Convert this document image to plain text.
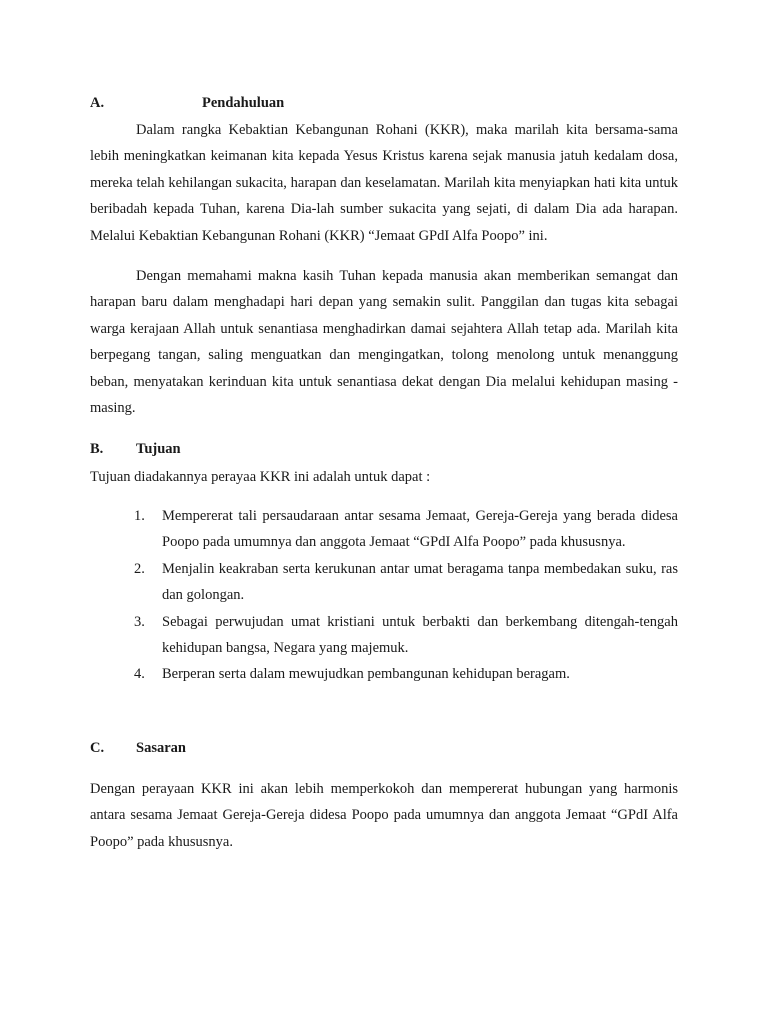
A.	Pendahuluan

Dalam rangka Kebaktian Kebangunan Rohani (KKR), maka marilah kita bersama-sama lebih meningkatkan keimanan kita kepada Yesus Kristus karena sejak manusia jatuh kedalam dosa, mereka telah kehilangan sukacita, harapan dan keselamatan. Marilah kita menyiapkan hati kita untuk beribadah kepada Tuhan, karena Dia-lah sumber sukacita yang sejati, di dalam Dia ada harapan. Melalui Kebaktian Kebangunan Rohani (KKR) “Jemaat GPdI Alfa Poopo” ini.

Dengan memahami makna kasih Tuhan kepada manusia akan memberikan semangat dan harapan baru dalam menghadapi hari depan yang semakin sulit. Panggilan dan tugas kita sebagai warga kerajaan Allah untuk senantiasa menghadirkan damai sejahtera Allah tetap ada. Marilah kita berpegang tangan, saling menguatkan dan mengingatkan, tolong menolong untuk menanggung beban, menyatakan kerinduan kita untuk senantiasa dekat dengan Dia melalui kehidupan masing - masing.

B. Tujuan

Tujuan diadakannya perayaa KKR ini adalah untuk dapat :

1. Mempererat tali persaudaraan antar sesama Jemaat, Gereja-Gereja yang berada didesa Poopo pada umumnya dan anggota Jemaat “GPdI Alfa Poopo” pada khususnya.
2. Menjalin keakraban serta kerukunan antar umat beragama tanpa membedakan suku, ras dan golongan.
3. Sebagai perwujudan umat kristiani untuk berbakti dan berkembang ditengah-tengah kehidupan bangsa, Negara yang majemuk.
4. Berperan serta dalam mewujudkan pembangunan kehidupan beragam.
C. Sasaran

Dengan perayaan KKR ini akan lebih memperkokoh dan mempererat hubungan yang harmonis antara sesama Jemaat Gereja-Gereja didesa Poopo pada umumnya dan anggota Jemaat “GPdI Alfa Poopo” pada khususnya.
